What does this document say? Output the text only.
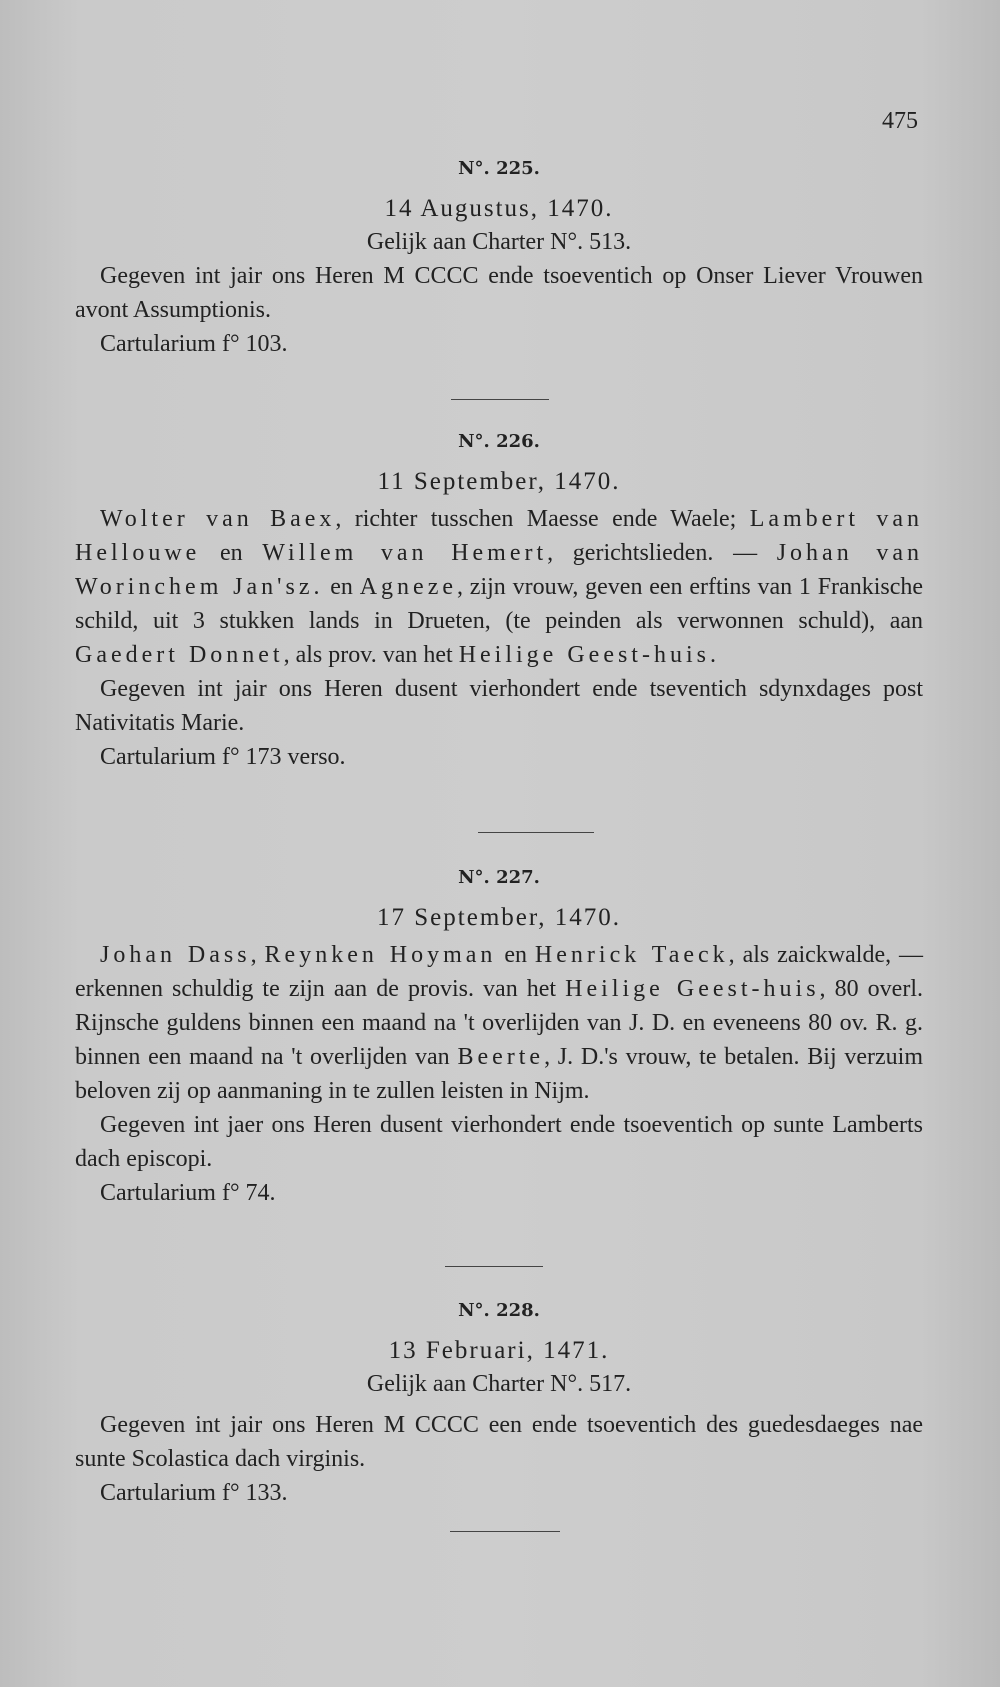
475
N°. 225.
14 Augustus, 1470.
Gelijk aan Charter N°. 513.

Gegeven int jair ons Heren M CCCC ende tsoeventich op Onser Liever Vrouwen avont Assumptionis.

Cartularium f° 103.

N°. 226.
11 September, 1470.

Wolter van Baex, richter tusschen Maesse ende Waele; Lambert van Hellouwe en Willem van Hemert, gerichtslieden. — Johan van Worinchem Jan'sz. en Agneze, zijn vrouw, geven een erftins van 1 Frankische schild, uit 3 stukken lands in Drueten, (te peinden als verwonnen schuld), aan Gaedert Donnet, als prov. van het Heilige Geest-huis.

Gegeven int jair ons Heren dusent vierhondert ende tseventich sdynxdages post Nativitatis Marie.

Cartularium f° 173 verso.

N°. 227.
17 September, 1470.

Johan Dass, Reynken Hoyman en Henrick Taeck, als zaickwalde, — erkennen schuldig te zijn aan de provis. van het Heilige Geest-huis, 80 overl. Rijnsche guldens binnen een maand na 't overlijden van J. D. en eveneens 80 ov. R. g. binnen een maand na 't overlijden van Beerte, J. D.'s vrouw, te betalen. Bij verzuim beloven zij op aanmaning in te zullen leisten in Nijm.

Gegeven int jaer ons Heren dusent vierhondert ende tsoeventich op sunte Lamberts dach episcopi.

Cartularium f° 74.

N°. 228.
13 Februari, 1471.
Gelijk aan Charter N°. 517.

Gegeven int jair ons Heren M CCCC een ende tsoeventich des guedesdaeges nae sunte Scolastica dach virginis.

Cartularium f° 133.
